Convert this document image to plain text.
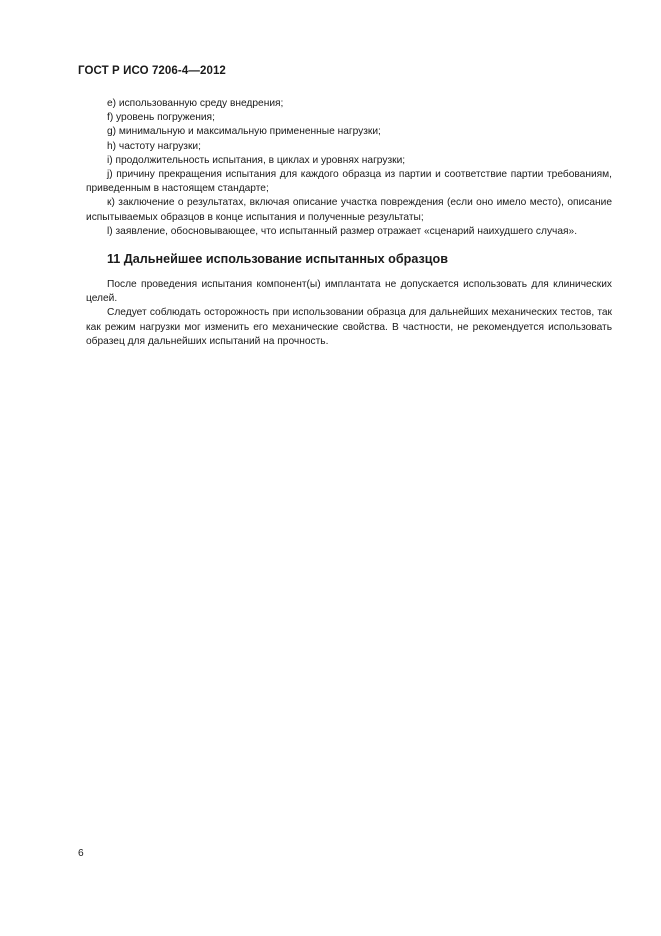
ГОСТ Р ИСО 7206-4—2012

e) использованную среду внедрения;

f) уровень погружения;

g) минимальную и максимальную примененные нагрузки;

h) частоту нагрузки;

i) продолжительность испытания, в циклах и уровнях нагрузки;

j) причину прекращения испытания для каждого образца из партии и соответствие партии требованиям, приведенным в настоящем стандарте;

к) заключение о результатах, включая описание участка повреждения (если оно имело место), описание испытываемых образцов в конце испытания и полученные результаты;

l) заявление, обосновывающее, что испытанный размер отражает «сценарий наихудшего случая».

11 Дальнейшее использование испытанных образцов

После проведения испытания компонент(ы) имплантата не допускается использовать для клинических целей.

Следует соблюдать осторожность при использовании образца для дальнейших механических тестов, так как режим нагрузки мог изменить его механические свойства. В частности, не рекомендуется использовать образец для дальнейших испытаний на прочность.

6
